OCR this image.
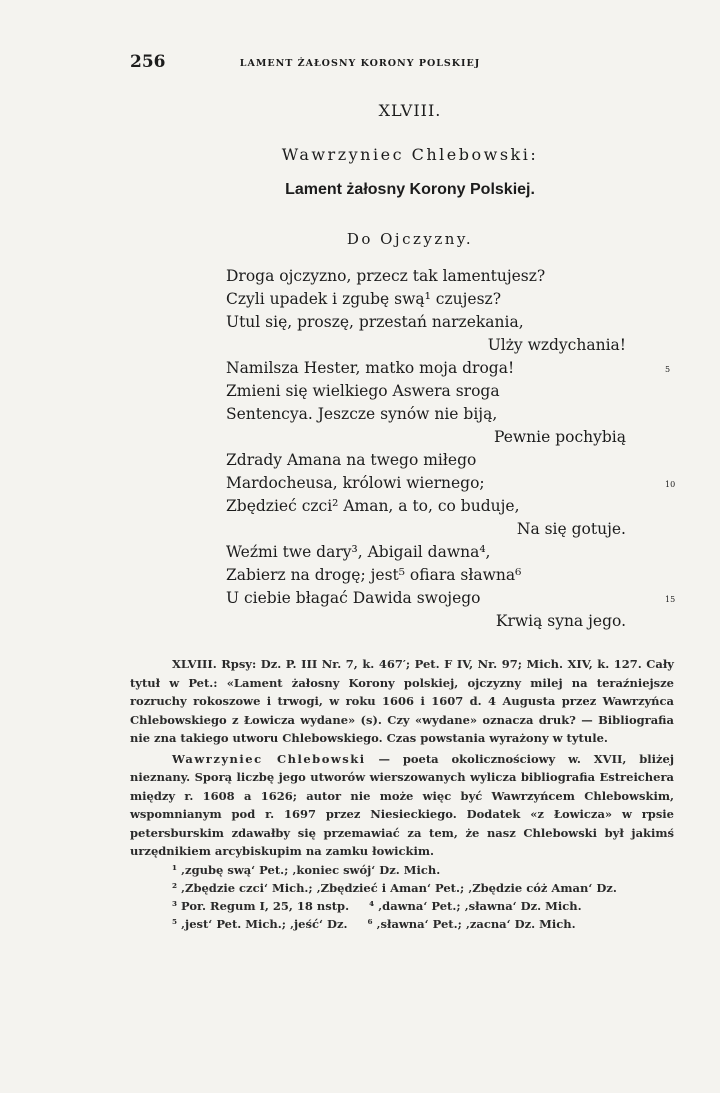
256	LAMENT ŻAŁOSNY KORONY POLSKIEJ
XLVIII.
Wawrzyniec Chlebowski:
Lament żałosny Korony Polskiej.
Do Ojczyzny.
Droga ojczyzno, przecz tak lamentujesz?
Czyli upadek i zgubę swą¹ czujesz?
Utul się, proszę, przestań narzekania,
Ulży wzdychania!
Namilsza Hester, matko moja droga!	5
Zmieni się wielkiego Aswera sroga
Sentencya. Jeszcze synów nie biją,
Pewnie pochybią
Zdrady Amana na twego miłego
Mardocheusa, królowi wiernego;	10
Zbędzieć czci² Aman, a to, co buduje,
Na się gotuje.
Weźmi twe dary³, Abigail dawna⁴,
Zabierz na drogę; jest⁵ ofiara sławna⁶
U ciebie błagać Dawida swojego	15
Krwią syna jego.

XLVIII. Rpsy: Dz. P. III Nr. 7, k. 467′; Pet. F IV, Nr. 97; Mich. XIV, k. 127. Cały tytuł w Pet.: «Lament żałosny Korony polskiej, ojczyzny milej na teraźniejsze rozruchy rokoszowe i trwogi, w roku 1606 i 1607 d. 4 Augusta przez Wawrzyńca Chlebowskiego z Łowicza wydane» (s). Czy «wydane» oznacza druk? — Bibliografia nie zna takiego utworu Chlebowskiego. Czas powstania wyrażony w tytule.

Wawrzyniec Chlebowski — poeta okolicznościowy w. XVII, bliżej nieznany. Sporą liczbę jego utworów wierszowanych wylicza bibliografia Estreichera między r. 1608 a 1626; autor nie może więc być Wawrzyńcem Chlebowskim, wspomnianym pod r. 1697 przez Niesieckiego. Dodatek «z Łowicza» w rpsie petersburskim zdawałby się przemawiać za tem, że nasz Chlebowski był jakimś urzędnikiem arcybiskupim na zamku łowickim.

¹ ‚zgubę swą‘ Pet.; ‚koniec swój‘ Dz. Mich.
² ‚Zbędzie czci‘ Mich.; ‚Zbędzieć i Aman‘ Pet.; ‚Zbędzie cóż Aman‘ Dz.
³ Por. Regum I, 25, 18 nstp.     ⁴ ‚dawna‘ Pet.; ‚sławna‘ Dz. Mich.
⁵ ‚jest‘ Pet. Mich.; ‚jeść‘ Dz.     ⁶ ‚sławna‘ Pet.; ‚zacna‘ Dz. Mich.
